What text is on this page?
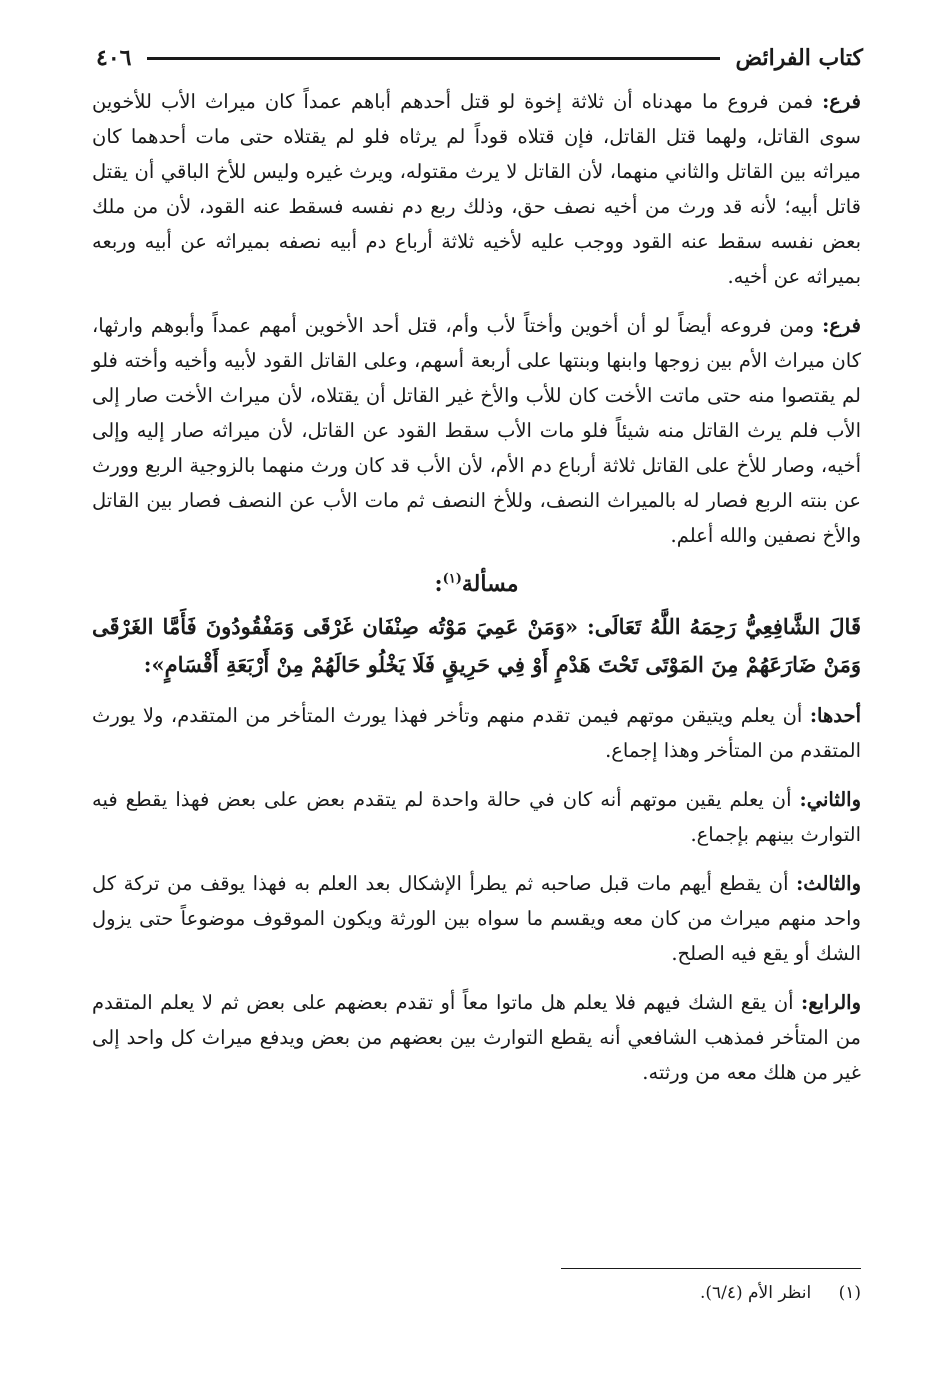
كتاب الفرائض
٤٠٦

فرع: فمن فروع ما مهدناه أن ثلاثة إخوة لو قتل أحدهم أباهم عمداً كان ميراث الأب للأخوين سوى القاتل، ولهما قتل القاتل، فإن قتلاه قوداً لم يرثاه فلو لم يقتلاه حتى مات أحدهما كان ميراثه بين القاتل والثاني منهما، لأن القاتل لا يرث مقتوله، ويرث غيره وليس للأخ الباقي أن يقتل قاتل أبيه؛ لأنه قد ورث من أخيه نصف حق، وذلك ربع دم نفسه فسقط عنه القود، لأن من ملك بعض نفسه سقط عنه القود ووجب عليه لأخيه ثلاثة أرباع دم أبيه نصفه بميراثه عن أبيه وربعه بميراثه عن أخيه.

فرع: ومن فروعه أيضاً لو أن أخوين وأختاً لأب وأم، قتل أحد الأخوين أمهم عمداً وأبوهم وارثها، كان ميراث الأم بين زوجها وابنها وبنتها على أربعة أسهم، وعلى القاتل القود لأبيه وأخيه وأخته فلو لم يقتصوا منه حتى ماتت الأخت كان للأب والأخ غير القاتل أن يقتلاه، لأن ميراث الأخت صار إلى الأب فلم يرث القاتل منه شيئاً فلو مات الأب سقط القود عن القاتل، لأن ميراثه صار إليه وإلى أخيه، وصار للأخ على القاتل ثلاثة أرباع دم الأم، لأن الأب قد كان ورث منهما بالزوجية الربع وورث عن بنته الربع فصار له بالميراث النصف، وللأخ النصف ثم مات الأب عن النصف فصار بين القاتل والأخ نصفين والله أعلم.

مسألة$^{(١)}$:

قَالَ الشَّافِعِيُّ رَحِمَهُ اللَّهُ تَعَالَى: «وَمَنْ عَمِيَ مَوْتُه صِنْفَان غَرْقَى وَمَفْقُودُونَ فَأَمَّا الغَرْقَى وَمَنْ ضَارَعَهُمْ مِنَ المَوْتَى تَحْتَ هَدْمٍ أَوْ فِي حَرِيقٍ فَلَا يَخْلُو حَالَهُمْ مِنْ أَرْبَعَةِ أَقْسَامٍ»:

أحدها: أن يعلم ويتيقن موتهم فيمن تقدم منهم وتأخر فهذا يورث المتأخر من المتقدم، ولا يورث المتقدم من المتأخر وهذا إجماع.

والثاني: أن يعلم يقين موتهم أنه كان في حالة واحدة لم يتقدم بعض على بعض فهذا يقطع فيه التوارث بينهم بإجماع.

والثالث: أن يقطع أيهم مات قبل صاحبه ثم يطرأ الإشكال بعد العلم به فهذا يوقف من تركة كل واحد منهم ميراث من كان معه ويقسم ما سواه بين الورثة ويكون الموقوف موضوعاً حتى يزول الشك أو يقع فيه الصلح.

والرابع: أن يقع الشك فيهم فلا يعلم هل ماتوا معاً أو تقدم بعضهم على بعض ثم لا يعلم المتقدم من المتأخر فمذهب الشافعي أنه يقطع التوارث بين بعضهم من بعض ويدفع ميراث كل واحد إلى غير من هلك معه من ورثته.

(١) انظر الأم (٦/٤).
